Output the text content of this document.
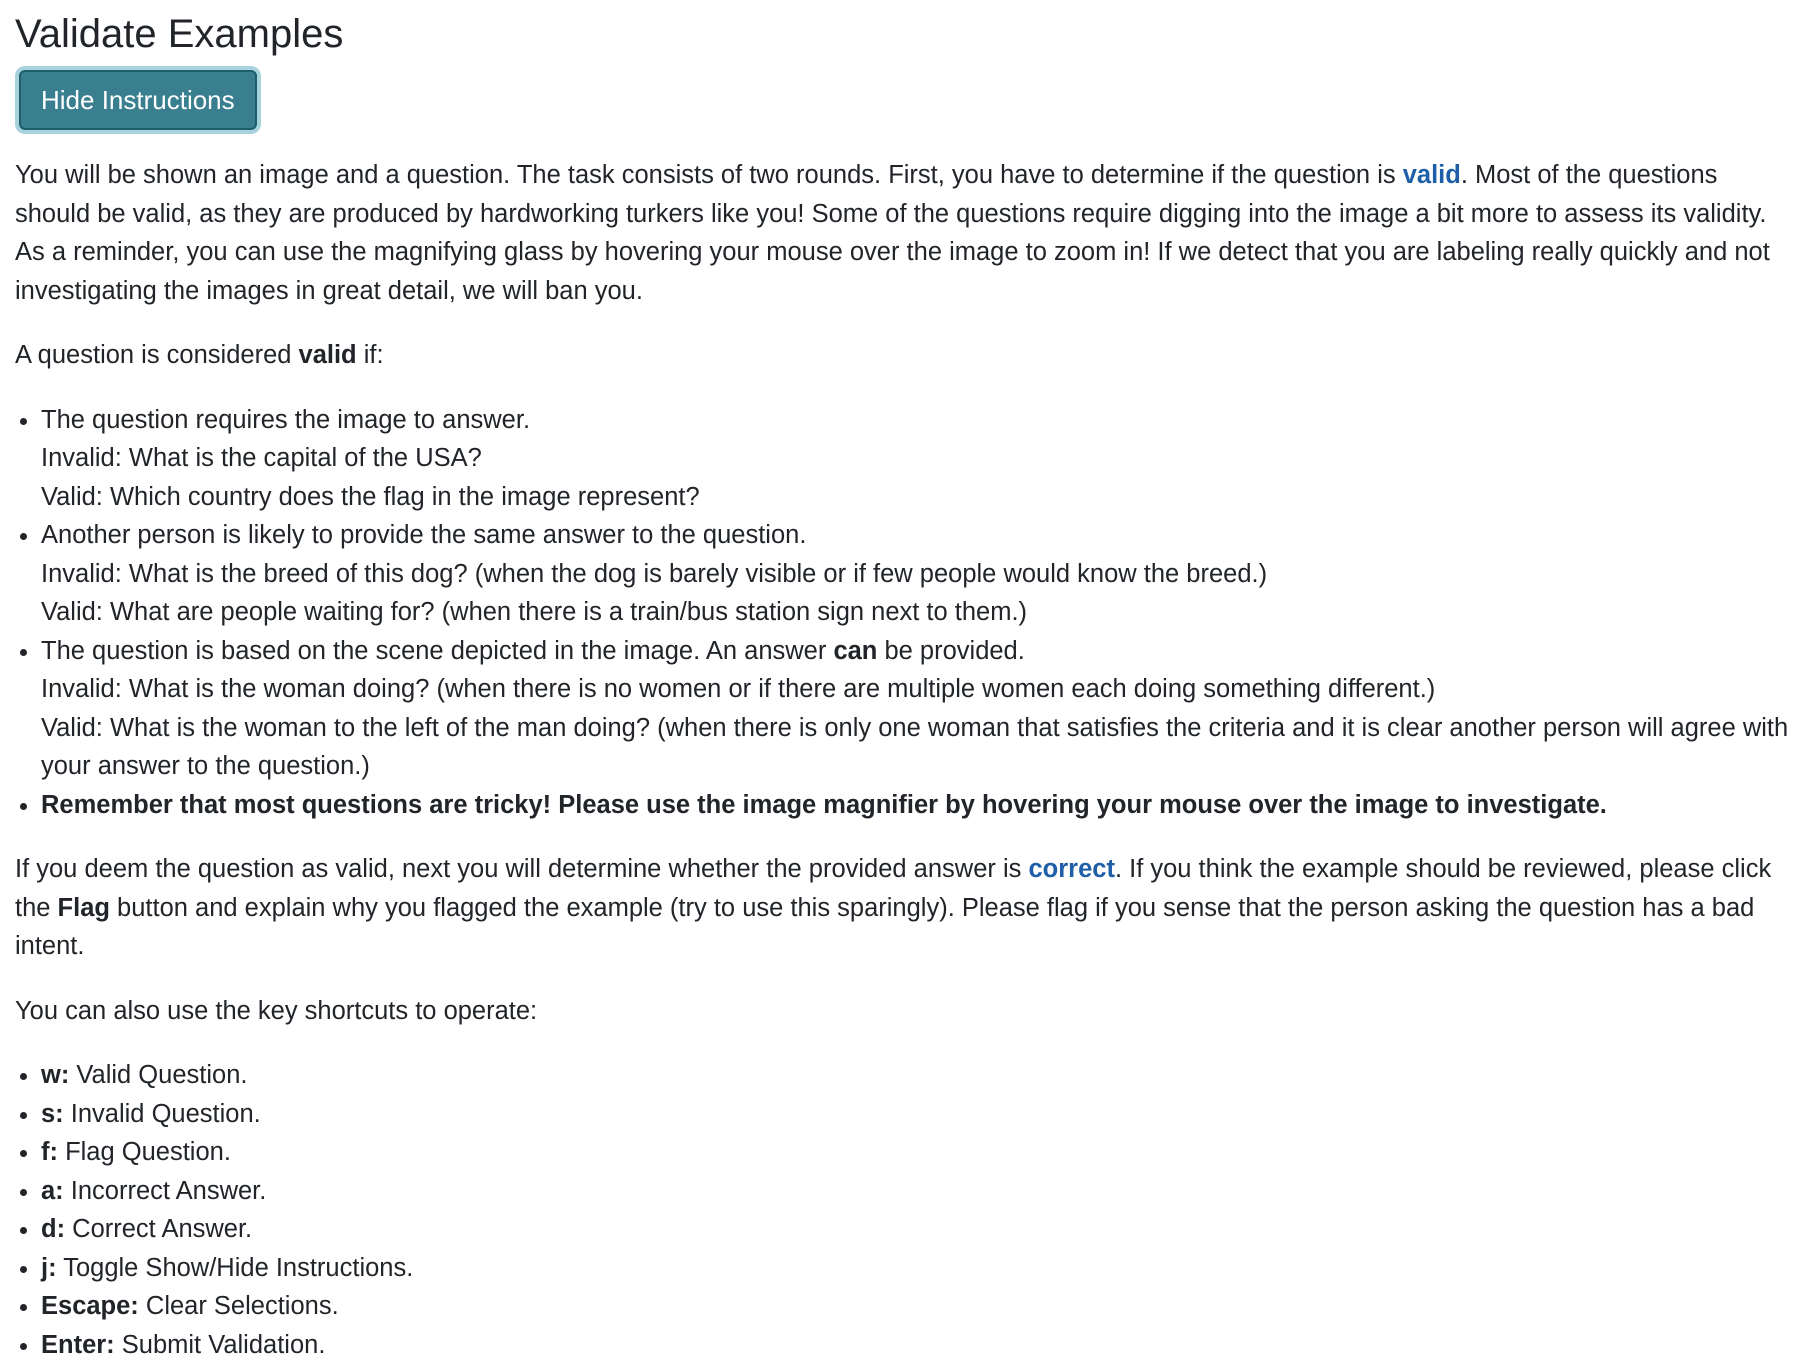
Validate Examples
Hide Instructions

You will be shown an image and a question. The task consists of two rounds. First, you have to determine if the question is valid. Most of the questions should be valid, as they are produced by hardworking turkers like you! Some of the questions require digging into the image a bit more to assess its validity. As a reminder, you can use the magnifying glass by hovering your mouse over the image to zoom in! If we detect that you are labeling really quickly and not investigating the images in great detail, we will ban you.

A question is considered valid if:

• The question requires the image to answer.
Invalid: What is the capital of the USA?
Valid: Which country does the flag in the image represent?
• Another person is likely to provide the same answer to the question.
Invalid: What is the breed of this dog? (when the dog is barely visible or if few people would know the breed.)
Valid: What are people waiting for? (when there is a train/bus station sign next to them.)
• The question is based on the scene depicted in the image. An answer can be provided.
Invalid: What is the woman doing? (when there is no women or if there are multiple women each doing something different.)
Valid: What is the woman to the left of the man doing? (when there is only one woman that satisfies the criteria and it is clear another person will agree with your answer to the question.)
• Remember that most questions are tricky! Please use the image magnifier by hovering your mouse over the image to investigate.

If you deem the question as valid, next you will determine whether the provided answer is correct. If you think the example should be reviewed, please click the Flag button and explain why you flagged the example (try to use this sparingly). Please flag if you sense that the person asking the question has a bad intent.

You can also use the key shortcuts to operate:

• w: Valid Question.
• s: Invalid Question.
• f: Flag Question.
• a: Incorrect Answer.
• d: Correct Answer.
• j: Toggle Show/Hide Instructions.
• Escape: Clear Selections.
• Enter: Submit Validation.
